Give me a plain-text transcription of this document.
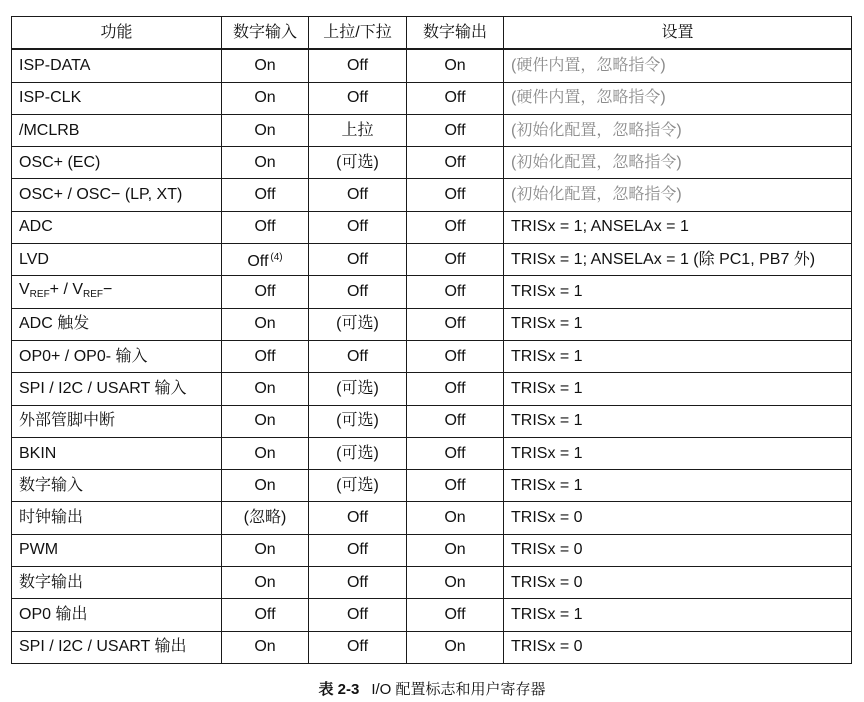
功能	数字输入	上拉/下拉	数字输出	设置
ISP-DATA	On	Off	On	(硬件内置，忽略指令)
ISP-CLK	On	Off	Off	(硬件内置，忽略指令)
/MCLRB	On	上拉	Off	(初始化配置，忽略指令)
OSC+ (EC)	On	(可选)	Off	(初始化配置，忽略指令)
OSC+ / OSC− (LP, XT)	Off	Off	Off	(初始化配置，忽略指令)
ADC	Off	Off	Off	TRISx = 1; ANSELAx = 1
LVD	Off $^{(4)}$	Off	Off	TRISx = 1; ANSELAx = 1 (除 PC1, PB7 外)
$V_{REF}+ / V_{REF}-$	Off	Off	Off	TRISx = 1
ADC 触发	On	(可选)	Off	TRISx = 1
OP0+ / OP0- 输入	Off	Off	Off	TRISx = 1
SPI / I2C / USART 输入	On	(可选)	Off	TRISx = 1
外部管脚中断	On	(可选)	Off	TRISx = 1
BKIN	On	(可选)	Off	TRISx = 1
数字输入	On	(可选)	Off	TRISx = 1
时钟输出	(忽略)	Off	On	TRISx = 0
PWM	On	Off	On	TRISx = 0
数字输出	On	Off	On	TRISx = 0
OP0 输出	Off	Off	Off	TRISx = 1
SPI / I2C / USART 输出	On	Off	On	TRISx = 0
表 2-3 I/O 配置标志和用户寄存器
